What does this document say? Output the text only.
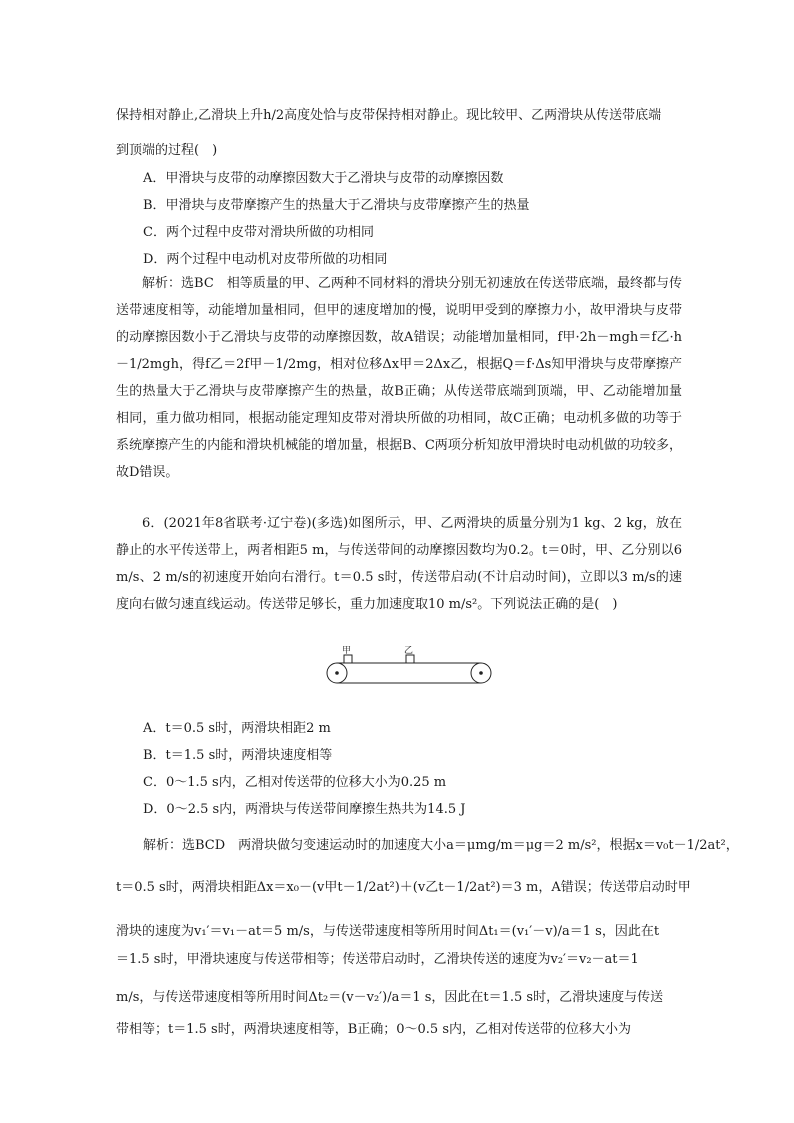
保持相对静止,乙滑块上升h/2高度处恰与皮带保持相对静止。现比较甲、乙两滑块从传送带底端
到顶端的过程(　)
A．甲滑块与皮带的动摩擦因数大于乙滑块与皮带的动摩擦因数
B．甲滑块与皮带摩擦产生的热量大于乙滑块与皮带摩擦产生的热量
C．两个过程中皮带对滑块所做的功相同
D．两个过程中电动机对皮带所做的功相同
解析：选BC　相等质量的甲、乙两种不同材料的滑块分别无初速放在传送带底端，最终都与传送带速度相等，动能增加量相同，但甲的速度增加的慢，说明甲受到的摩擦力小，故甲滑块与皮带的动摩擦因数小于乙滑块与皮带的动摩擦因数，故A错误；动能增加量相同，f甲·2h－mgh＝f乙·h－1/2mgh，得f乙＝2f甲－1/2mg，相对位移Δx甲＝2Δx乙，根据Q＝f·Δs知甲滑块与皮带摩擦产生的热量大于乙滑块与皮带摩擦产生的热量，故B正确；从传送带底端到顶端，甲、乙动能增加量相同，重力做功相同，根据动能定理知皮带对滑块所做的功相同，故C正确；电动机多做的功等于系统摩擦产生的内能和滑块机械能的增加量，根据B、C两项分析知放甲滑块时电动机做的功较多，故D错误。
6．(2021年8省联考·辽宁卷)(多选)如图所示，甲、乙两滑块的质量分别为1 kg、2 kg，放在静止的水平传送带上，两者相距5 m，与传送带间的动摩擦因数均为0.2。t＝0时，甲、乙分别以6 m/s、2 m/s的初速度开始向右滑行。t＝0.5 s时，传送带启动(不计启动时间)，立即以3 m/s的速度向右做匀速直线运动。传送带足够长，重力加速度取10 m/s²。下列说法正确的是(　)
甲	乙
A．t＝0.5 s时，两滑块相距2 m
B．t＝1.5 s时，两滑块速度相等
C．0～1.5 s内，乙相对传送带的位移大小为0.25 m
D．0～2.5 s内，两滑块与传送带间摩擦生热共为14.5 J
解析：选BCD　两滑块做匀变速运动时的加速度大小a＝μmg/m＝μg＝2 m/s²，根据x＝v₀t－1/2at²，
t＝0.5 s时，两滑块相距Δx＝x₀－(v甲t－1/2at²)＋(v乙t－1/2at²)＝3 m，A错误；传送带启动时甲
滑块的速度为v₁′＝v₁－at＝5 m/s，与传送带速度相等所用时间Δt₁＝(v₁′－v)/a＝1 s，因此在t
＝1.5 s时，甲滑块速度与传送带相等；传送带启动时，乙滑块传送的速度为v₂′＝v₂－at＝1
m/s，与传送带速度相等所用时间Δt₂＝(v－v₂′)/a＝1 s，因此在t＝1.5 s时，乙滑块速度与传送
带相等；t＝1.5 s时，两滑块速度相等，B正确；0～0.5 s内，乙相对传送带的位移大小为
